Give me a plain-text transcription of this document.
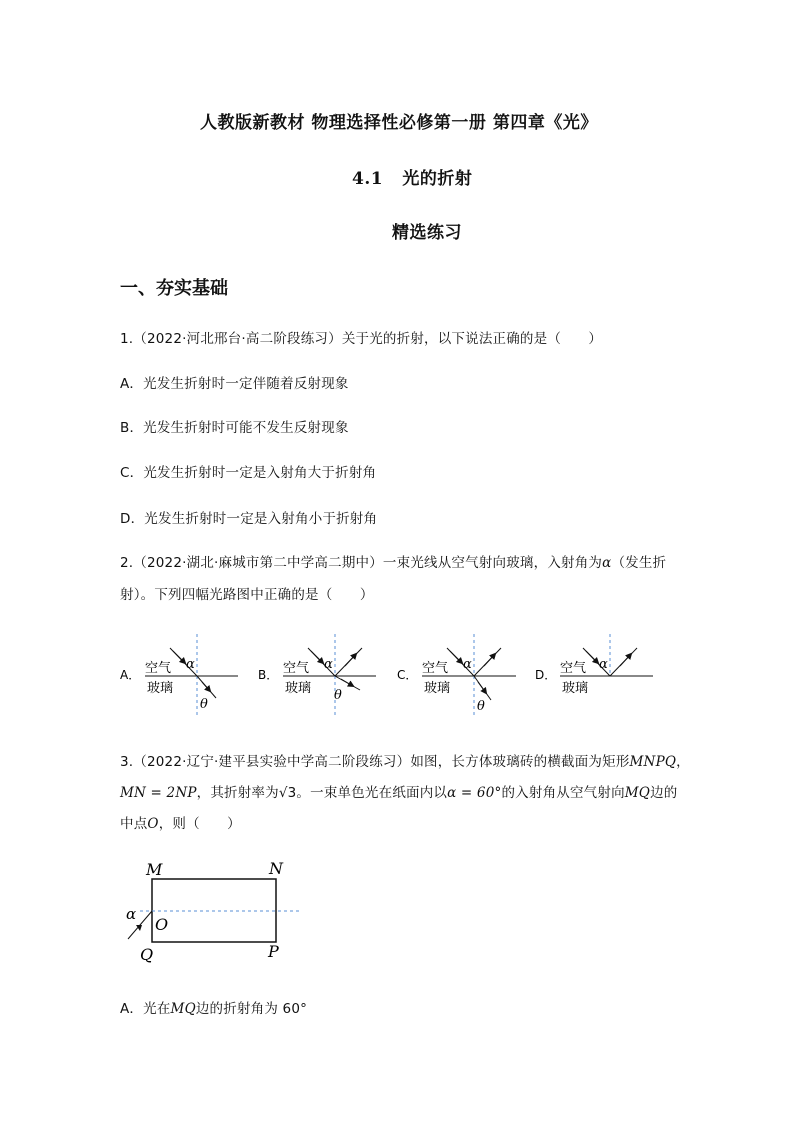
人教版新教材 物理选择性必修第一册 第四章《光》
4.1 光的折射
精选练习
一、夯实基础
1.（2022·河北邢台·高二阶段练习）关于光的折射，以下说法正确的是（　　）
A．光发生折射时一定伴随着反射现象
B．光发生折射时可能不发生反射现象
C．光发生折射时一定是入射角大于折射角
D．光发生折射时一定是入射角小于折射角
2.（2022·湖北·麻城市第二中学高二期中）一束光线从空气射向玻璃，入射角为α（发生折
射）。下列四幅光路图中正确的是（　　）
A． 空气
玻璃
α
θ
B． 空气
玻璃
α
θ
C． 空气
玻璃
α
θ
D． 空气
玻璃
α
3.（2022·辽宁·建平县实验中学高二阶段练习）如图，长方体玻璃砖的横截面为矩形MNPQ，
MN = 2NP，其折射率为√3。一束单色光在纸面内以α = 60°的入射角从空气射向MQ边的
中点O，则（　　）
M	N
P
Q
O
α
A．光在MQ边的折射角为 60°
